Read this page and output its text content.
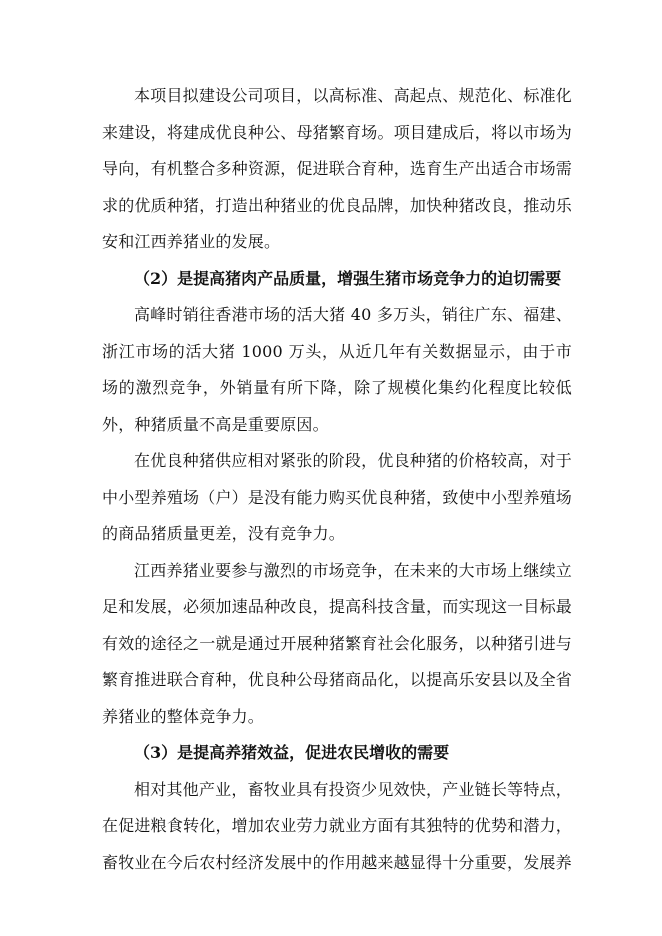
本项目拟建设公司项目，以高标准、高起点、规范化、标准化来建设，将建成优良种公、母猪繁育场。项目建成后，将以市场为导向，有机整合多种资源，促进联合育种，选育生产出适合市场需求的优质种猪，打造出种猪业的优良品牌，加快种猪改良，推动乐安和江西养猪业的发展。

（2）是提高猪肉产品质量，增强生猪市场竞争力的迫切需要

高峰时销往香港市场的活大猪 40 多万头，销往广东、福建、浙江市场的活大猪 1000 万头，从近几年有关数据显示，由于市场的激烈竞争，外销量有所下降，除了规模化集约化程度比较低外，种猪质量不高是重要原因。

在优良种猪供应相对紧张的阶段，优良种猪的价格较高，对于中小型养殖场（户）是没有能力购买优良种猪，致使中小型养殖场的商品猪质量更差，没有竞争力。

江西养猪业要参与激烈的市场竞争，在未来的大市场上继续立足和发展，必须加速品种改良，提高科技含量，而实现这一目标最有效的途径之一就是通过开展种猪繁育社会化服务，以种猪引进与繁育推进联合育种，优良种公母猪商品化，以提高乐安县以及全省养猪业的整体竞争力。

（3）是提高养猪效益，促进农民增收的需要

相对其他产业，畜牧业具有投资少见效快，产业链长等特点，在促进粮食转化，增加农业劳力就业方面有其独特的优势和潜力，畜牧业在今后农村经济发展中的作用越来越显得十分重要，发展养
